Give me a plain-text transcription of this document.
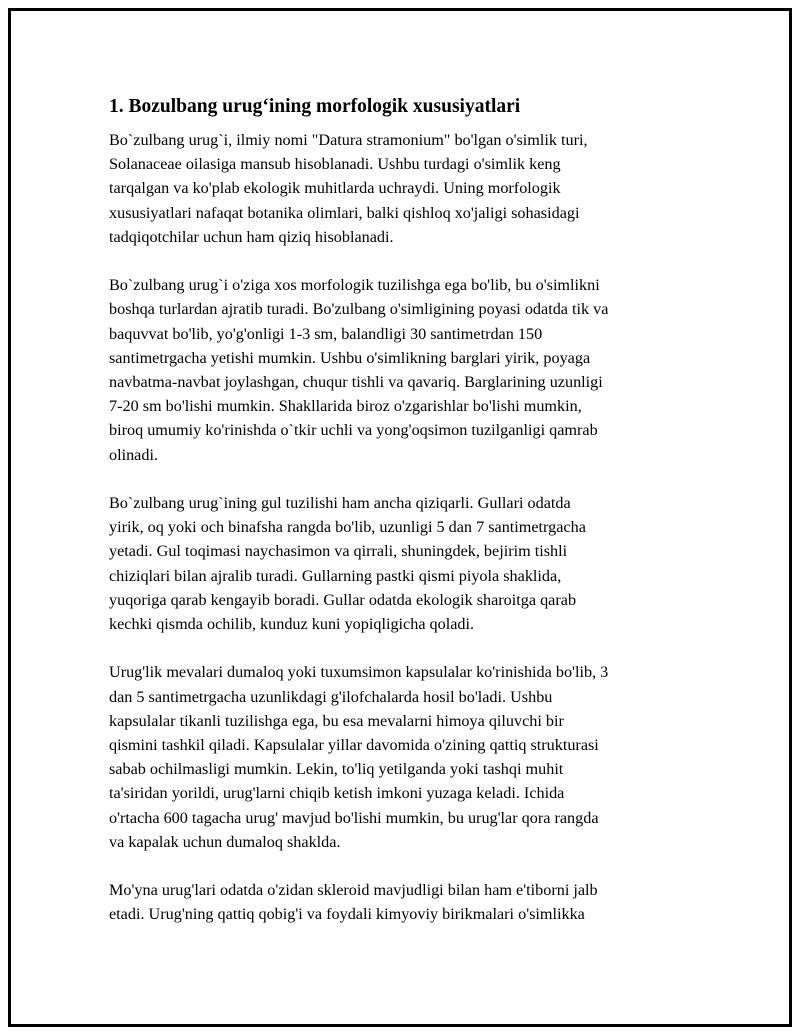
1. Bozulbang urug‘ining morfologik xususiyatlari

Bo`zulbang urug`i, ilmiy nomi "Datura stramonium" bo'lgan o'simlik turi,
Solanaceae oilasiga mansub hisoblanadi. Ushbu turdagi o'simlik keng
tarqalgan va ko'plab ekologik muhitlarda uchraydi. Uning morfologik
xususiyatlari nafaqat botanika olimlari, balki qishloq xo'jaligi sohasidagi
tadqiqotchilar uchun ham qiziq hisoblanadi.

Bo`zulbang urug`i o'ziga xos morfologik tuzilishga ega bo'lib, bu o'simlikni
boshqa turlardan ajratib turadi. Bo'zulbang o'simligining poyasi odatda tik va
baquvvat bo'lib, yo'g'onligi 1-3 sm, balandligi 30 santimetrdan 150
santimetrgacha yetishi mumkin. Ushbu o'simlikning barglari yirik, poyaga
navbatma-navbat joylashgan, chuqur tishli va qavariq. Barglarining uzunligi
7-20 sm bo'lishi mumkin. Shakllarida biroz o'zgarishlar bo'lishi mumkin,
biroq umumiy ko'rinishda o`tkir uchli va yong'oqsimon tuzilganligi qamrab
olinadi.

Bo`zulbang urug`ining gul tuzilishi ham ancha qiziqarli. Gullari odatda
yirik, oq yoki och binafsha rangda bo'lib, uzunligi 5 dan 7 santimetrgacha
yetadi. Gul toqimasi naychasimon va qirrali, shuningdek, bejirim tishli
chiziqlari bilan ajralib turadi. Gullarning pastki qismi piyola shaklida,
yuqoriga qarab kengayib boradi. Gullar odatda ekologik sharoitga qarab
kechki qismda ochilib, kunduz kuni yopiqligicha qoladi.

Urug'lik mevalari dumaloq yoki tuxumsimon kapsulalar ko'rinishida bo'lib, 3
dan 5 santimetrgacha uzunlikdagi g'ilofchalarda hosil bo'ladi. Ushbu
kapsulalar tikanli tuzilishga ega, bu esa mevalarni himoya qiluvchi bir
qismini tashkil qiladi. Kapsulalar yillar davomida o'zining qattiq strukturasi
sabab ochilmasligi mumkin. Lekin, to'liq yetilganda yoki tashqi muhit
ta'siridan yorildi, urug'larni chiqib ketish imkoni yuzaga keladi. Ichida
o'rtacha 600 tagacha urug' mavjud bo'lishi mumkin, bu urug'lar qora rangda
va kapalak uchun dumaloq shaklda.

Mo'yna urug'lari odatda o'zidan skleroid mavjudligi bilan ham e'tiborni jalb
etadi. Urug'ning qattiq qobig'i va foydali kimyoviy birikmalari o'simlikka
